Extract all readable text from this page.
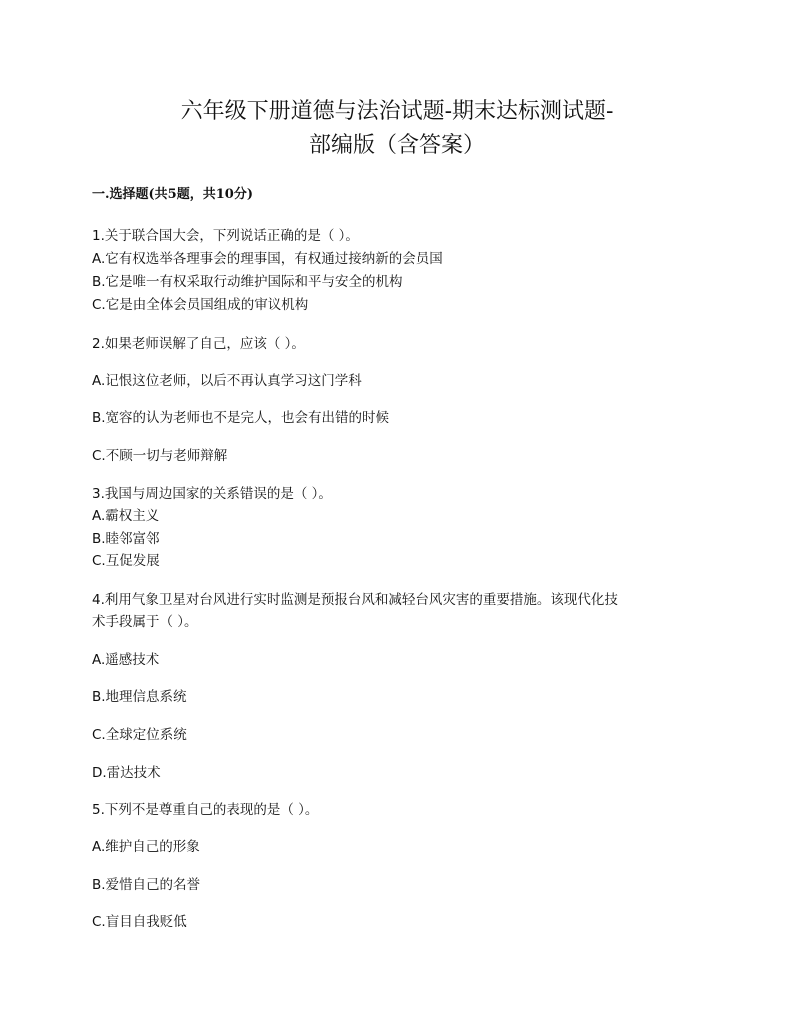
六年级下册道德与法治试题-期末达标测试题-
部编版（含答案）
一.选择题(共5题，共10分)
1.关于联合国大会，下列说话正确的是（ ）。
A.它有权选举各理事会的理事国，有权通过接纳新的会员国
B.它是唯一有权采取行动维护国际和平与安全的机构
C.它是由全体会员国组成的审议机构
2.如果老师误解了自己，应该（ ）。
A.记恨这位老师，以后不再认真学习这门学科
B.宽容的认为老师也不是完人，也会有出错的时候
C.不顾一切与老师辩解
3.我国与周边国家的关系错误的是（ ）。
A.霸权主义
B.睦邻富邻
C.互促发展
4.利用气象卫星对台风进行实时监测是预报台风和减轻台风灾害的重要措施。该现代化技
术手段属于（ ）。
A.遥感技术
B.地理信息系统
C.全球定位系统
D.雷达技术
5.下列不是尊重自己的表现的是（ ）。
A.维护自己的形象
B.爱惜自己的名誉
C.盲目自我贬低
